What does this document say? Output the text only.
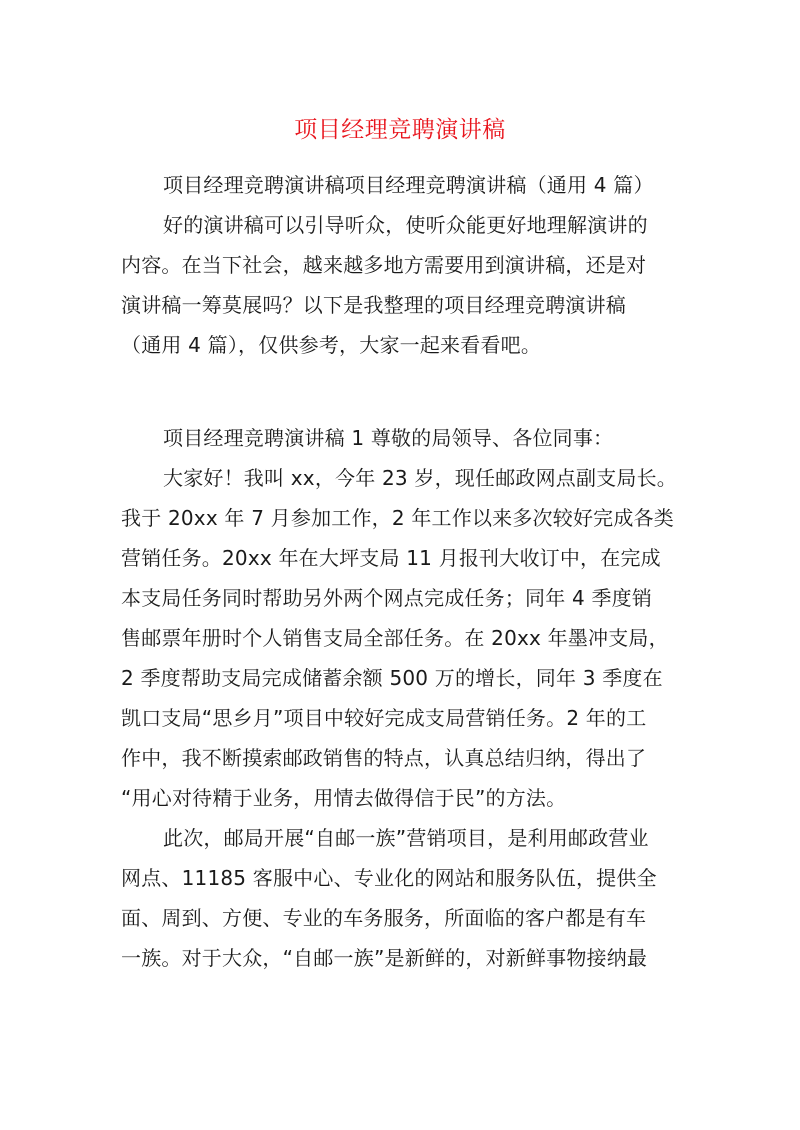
项目经理竞聘演讲稿
项目经理竞聘演讲稿项目经理竞聘演讲稿（通用 4 篇）
好的演讲稿可以引导听众，使听众能更好地理解演讲的
内容。在当下社会，越来越多地方需要用到演讲稿，还是对
演讲稿一筹莫展吗？以下是我整理的项目经理竞聘演讲稿
（通用 4 篇），仅供参考，大家一起来看看吧。
项目经理竞聘演讲稿 1 尊敬的局领导、各位同事：
大家好！我叫 xx，今年 23 岁，现任邮政网点副支局长。
我于 20xx 年 7 月参加工作，2 年工作以来多次较好完成各类
营销任务。20xx 年在大坪支局 11 月报刊大收订中，在完成
本支局任务同时帮助另外两个网点完成任务；同年 4 季度销
售邮票年册时个人销售支局全部任务。在 20xx 年墨冲支局，
2 季度帮助支局完成储蓄余额 500 万的增长，同年 3 季度在
凯口支局“思乡月”项目中较好完成支局营销任务。2 年的工
作中，我不断摸索邮政销售的特点，认真总结归纳，得出了
“用心对待精于业务，用情去做得信于民”的方法。
此次，邮局开展“自邮一族”营销项目，是利用邮政营业
网点、11185 客服中心、专业化的网站和服务队伍，提供全
面、周到、方便、专业的车务服务，所面临的客户都是有车
一族。对于大众，“自邮一族”是新鲜的，对新鲜事物接纳最
